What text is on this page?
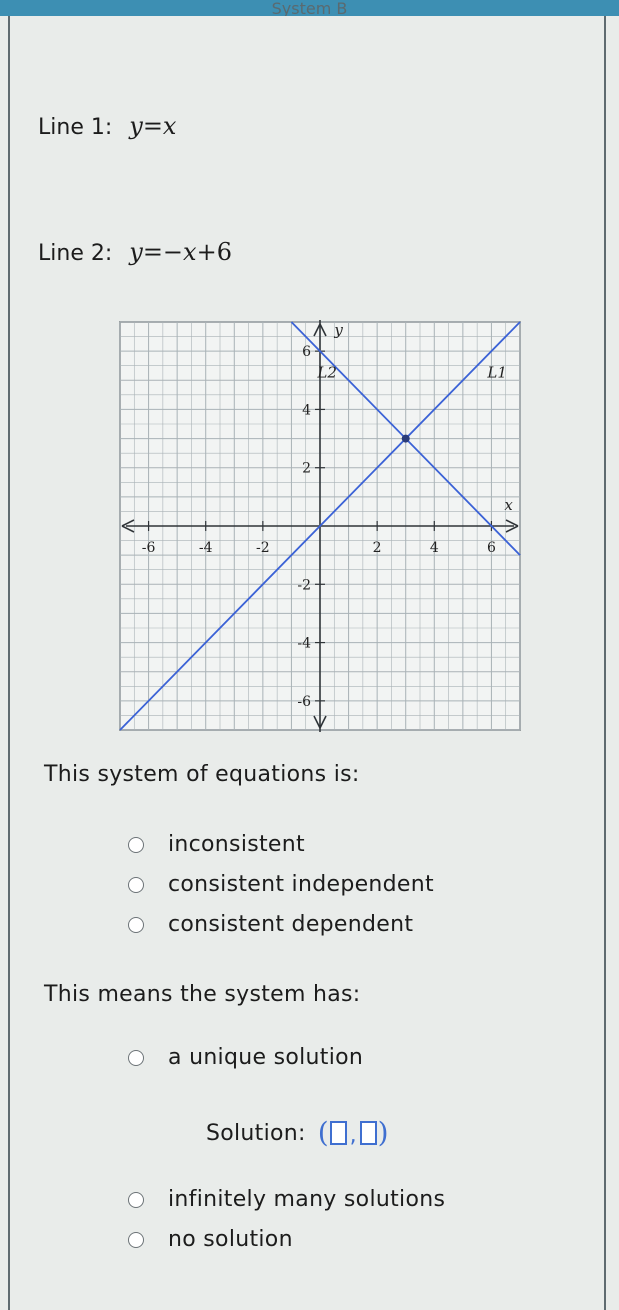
System B
Line 1: y=x
Line 2: y=−x+6
-6	-4	-2	2	4	6
-6
-4
-2
2
4
6
x
y
L1
L2
This system of equations is:
inconsistent
consistent independent
consistent dependent
This means the system has:
a unique solution
Solution: ( , )
infinitely many solutions
no solution
